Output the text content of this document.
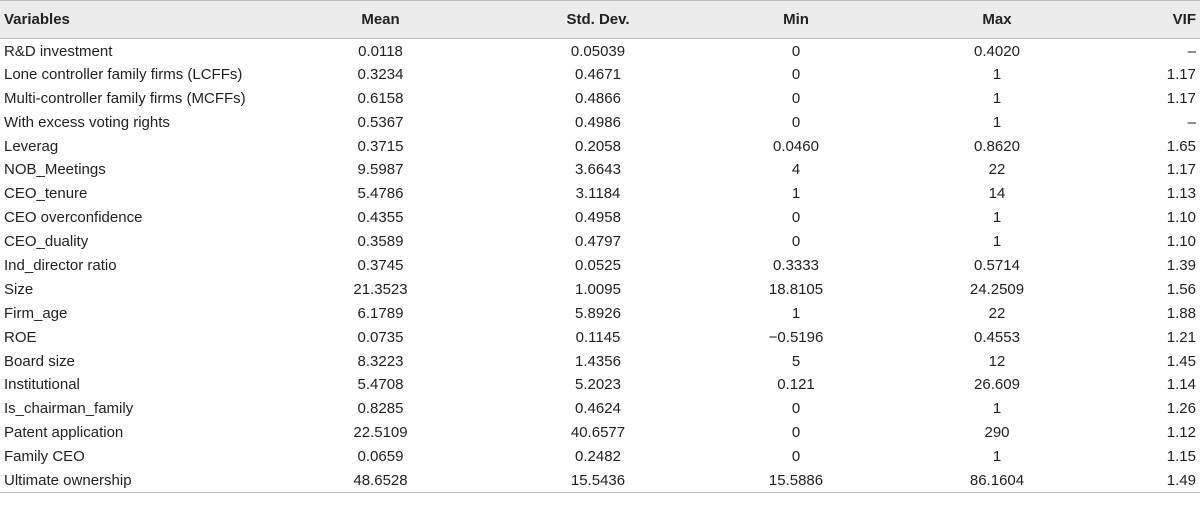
Variables	Mean	Std. Dev.	Min	Max	VIF
R&D investment	0.0118	0.05039	0	0.4020	–
Lone controller family firms (LCFFs)	0.3234	0.4671	0	1	1.17
Multi-controller family firms (MCFFs)	0.6158	0.4866	0	1	1.17
With excess voting rights	0.5367	0.4986	0	1	–
Leverag	0.3715	0.2058	0.0460	0.8620	1.65
NOB_Meetings	9.5987	3.6643	4	22	1.17
CEO_tenure	5.4786	3.1184	1	14	1.13
CEO overconfidence	0.4355	0.4958	0	1	1.10
CEO_duality	0.3589	0.4797	0	1	1.10
Ind_director ratio	0.3745	0.0525	0.3333	0.5714	1.39
Size	21.3523	1.0095	18.8105	24.2509	1.56
Firm_age	6.1789	5.8926	1	22	1.88
ROE	0.0735	0.1145	−0.5196	0.4553	1.21
Board size	8.3223	1.4356	5	12	1.45
Institutional	5.4708	5.2023	0.121	26.609	1.14
Is_chairman_family	0.8285	0.4624	0	1	1.26
Patent application	22.5109	40.6577	0	290	1.12
Family CEO	0.0659	0.2482	0	1	1.15
Ultimate ownership	48.6528	15.5436	15.5886	86.1604	1.49
